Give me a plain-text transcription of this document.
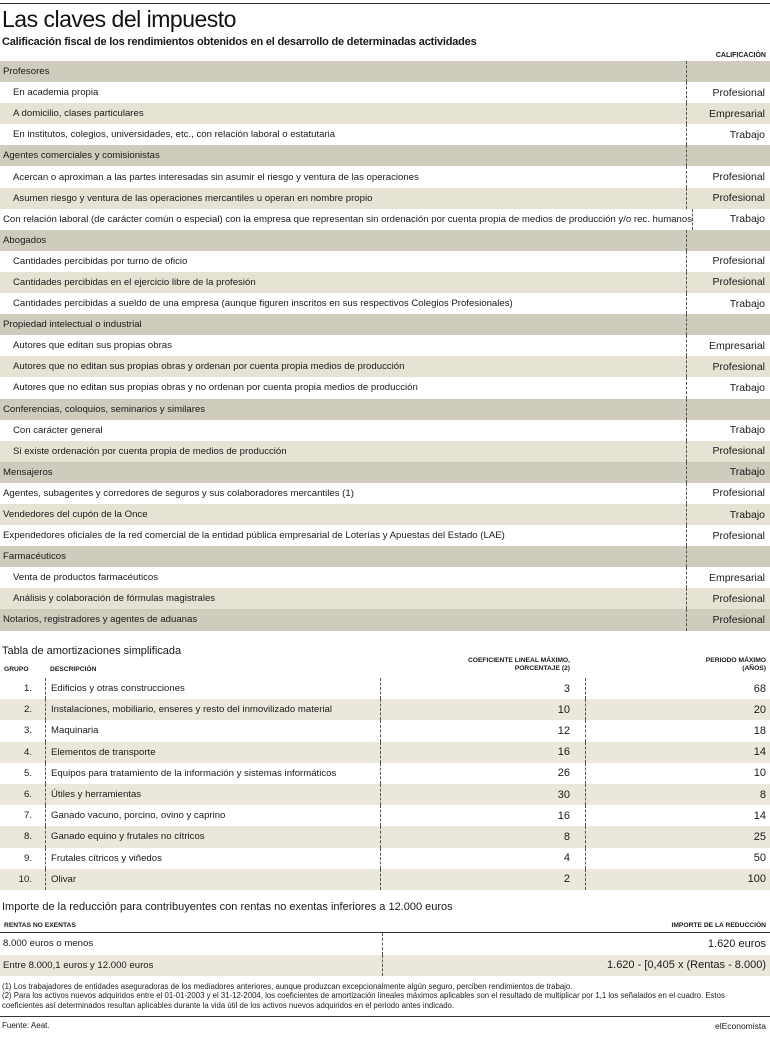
Las claves del impuesto
Calificación fiscal de los rendimientos obtenidos en el desarrollo de determinadas actividades
CALIFICACIÓN
Profesores
En academia propia	Profesional
A domicilio, clases particulares	Empresarial
En institutos, colegios, universidades, etc., con relación laboral o estatutaria	Trabajo
Agentes comerciales y comisionistas
Acercan o aproximan a las partes interesadas sin asumir el riesgo y ventura de las operaciones	Profesional
Asumen riesgo y ventura de las operaciones mercantiles u operan en nombre propio	Profesional
Con relación laboral (de carácter común o especial) con la empresa que representan sin ordenación por cuenta propia de medios de producción y/o rec. humanos	Trabajo
Abogados
Cantidades percibidas por turno de oficio	Profesional
Cantidades percibidas en el ejercicio libre de la profesión	Profesional
Cantidades percibidas a sueldo de una empresa (aunque figuren inscritos en sus respectivos Colegios Profesionales)	Trabajo
Propiedad intelectual o industrial
Autores que editan sus propias obras	Empresarial
Autores que no editan sus propias obras y ordenan por cuenta propia medios de producción	Profesional
Autores que no editan sus propias obras y no ordenan por cuenta propia medios de producción	Trabajo
Conferencias, coloquios, seminarios y similares
Con carácter general	Trabajo
Si existe ordenación por cuenta propia de medios de producción	Profesional
Mensajeros	Trabajo
Agentes, subagentes y corredores de seguros y sus colaboradores mercantiles (1)	Profesional
Vendedores del cupón de la Once	Trabajo
Expendedores oficiales de la red comercial de la entidad pública empresarial de Loterías y Apuestas del Estado (LAE)	Profesional
Farmacéuticos
Venta de productos farmacéuticos	Empresarial
Análisis y colaboración de fórmulas magistrales	Profesional
Notarios, registradores y agentes de aduanas	Profesional
Tabla de amortizaciones simplificada
GRUPO	DESCRIPCIÓN
COEFICIENTE LINEAL MÁXIMO,
PORCENTAJE (2)
PERIODO MÁXIMO
(AÑOS)
1.	Edificios y otras construcciones	3	68
2.	Instalaciones, mobiliario, enseres y resto del inmovilizado material	10	20
3.	Maquinaria	12	18
4.	Elementos de transporte	16	14
5.	Equipos para tratamiento de la información y sistemas informáticos	26	10
6.	Útiles y herramientas	30	8
7.	Ganado vacuno, porcino, ovino y caprino	16	14
8.	Ganado equino y frutales no cítricos	8	25
9.	Frutales cítricos y viñedos	4	50
10.	Olivar	2	100
Importe de la reducción para contribuyentes con rentas no exentas inferiores a 12.000 euros
RENTAS NO EXENTAS	IMPORTE DE LA REDUCCIÓN
8.000 euros o menos	1.620 euros
Entre 8.000,1 euros y 12.000 euros	1.620 - [0,405 x (Rentas - 8.000)
(1) Los trabajadores de entidades aseguradoras de los mediadores anteriores, aunque produzcan excepcionalmente algún seguro, perciben rendimientos de trabajo.
(2) Para los activos nuevos adquiridos entre el 01-01-2003 y el 31-12-2004, los coeficientes de amortización lineales máximos aplicables son el resultado de multiplicar por 1,1 los señalados en el cuadro. Estos coeficientes así determinados resultan aplicables durante la vida útil de los activos nuevos adquiridos en el periodo antes indicado.
Fuente: Aeat.	elEconomista
